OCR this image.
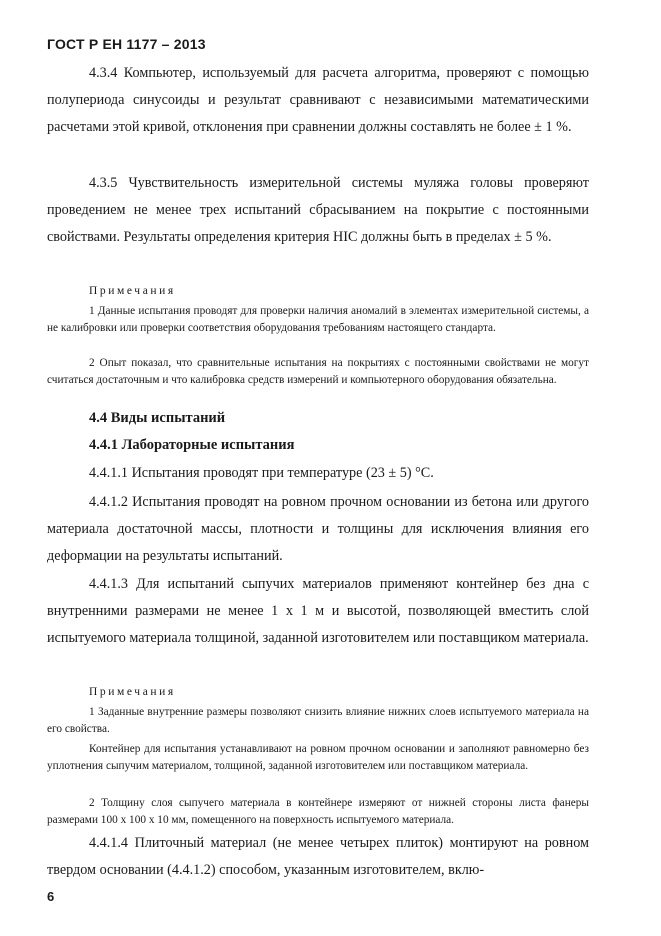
ГОСТ Р ЕН 1177 – 2013

4.3.4 Компьютер, используемый для расчета алгоритма, проверяют с помощью полупериода синусоиды и результат сравнивают с независимыми математическими расчетами этой кривой, отклонения при сравнении должны составлять не более ± 1 %.

4.3.5 Чувствительность измерительной системы муляжа головы проверяют проведением не менее трех испытаний сбрасыванием на покрытие с постоянными свойствами. Результаты определения критерия HIC должны быть в пределах ± 5 %.

Примечания

1 Данные испытания проводят для проверки наличия аномалий в элементах измерительной системы, а не калибровки или проверки соответствия оборудования требованиям настоящего стандарта.

2 Опыт показал, что сравнительные испытания на покрытиях с постоянными свойствами не могут считаться достаточным и что калибровка средств измерений и компьютерного оборудования обязательна.

4.4 Виды испытаний
4.4.1 Лабораторные испытания

4.4.1.1 Испытания проводят при температуре (23 ± 5) °С.

4.4.1.2 Испытания проводят на ровном прочном основании из бетона или другого материала достаточной массы, плотности и толщины для исключения влияния его деформации на результаты испытаний.

4.4.1.3 Для испытаний сыпучих материалов применяют контейнер без дна с внутренними размерами не менее 1 х 1 м и высотой, позволяющей вместить слой испытуемого материала толщиной, заданной изготовителем или поставщиком материала.

Примечания

1 Заданные внутренние размеры позволяют снизить влияние нижних слоев испытуемого материала на его свойства.

Контейнер для испытания устанавливают на ровном прочном основании и заполняют равномерно без уплотнения сыпучим материалом, толщиной, заданной изготовителем или поставщиком материала.

2 Толщину слоя сыпучего материала в контейнере измеряют от нижней стороны листа фанеры размерами 100 х 100 х 10 мм, помещенного на поверхность испытуемого материала.

4.4.1.4 Плиточный материал (не менее четырех плиток) монтируют на ровном твердом основании (4.4.1.2) способом, указанным изготовителем, вклю-

6
